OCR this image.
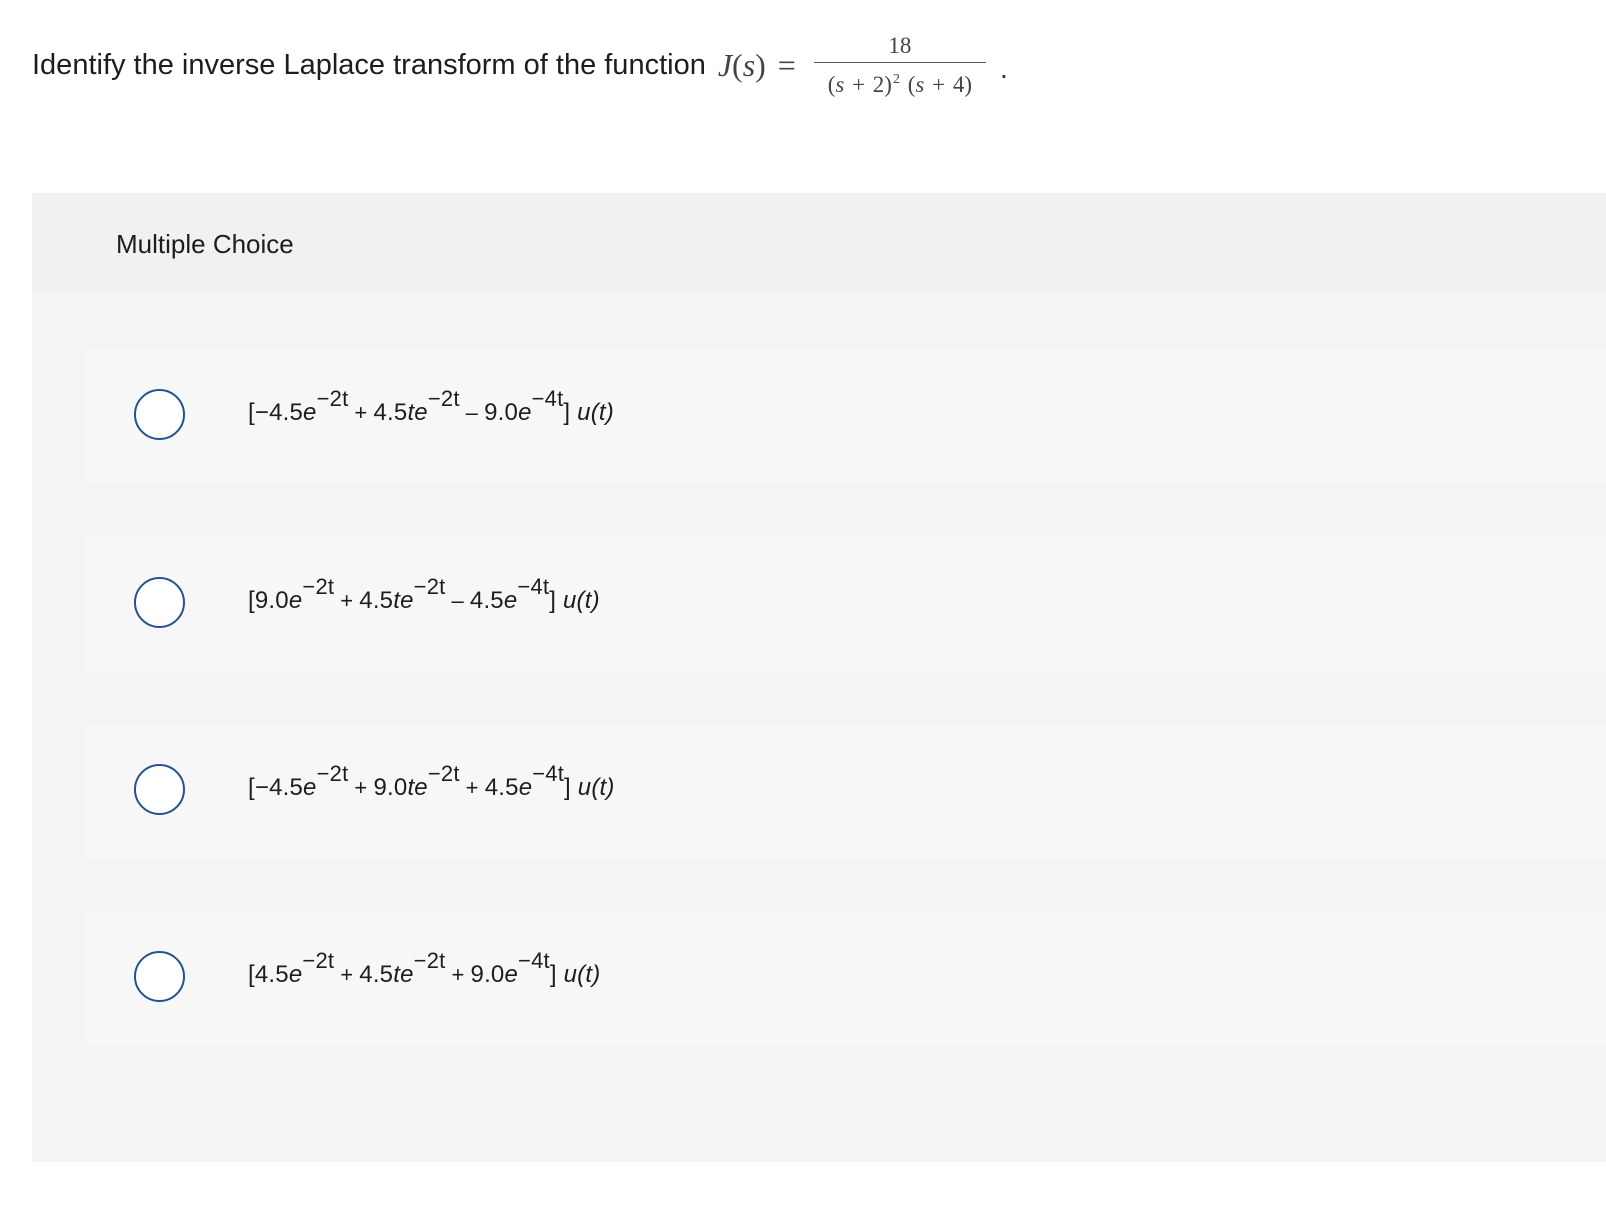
Identify the inverse Laplace transform of the function $J(s) = \frac{18}{(s + 2)^2 (s + 4)}$ .
Multiple Choice
[$-4.5e^{-2t}+ 4.5te^{-2t}-$ $9.0e^{-4t}$] u(t)
[$9.0e^{-2t}+ 4.5te^{-2t}-$ $4.5e^{-4t}$] u(t)
$[-4.5e^{-2t}+ 9.0te^{-2t}+ 4.5e^{-4t}]$ u(t)
$[4.5e^{-2t}+ 4.5te^{-2t}+ 9.0e^{-4t}]$ u(t)
